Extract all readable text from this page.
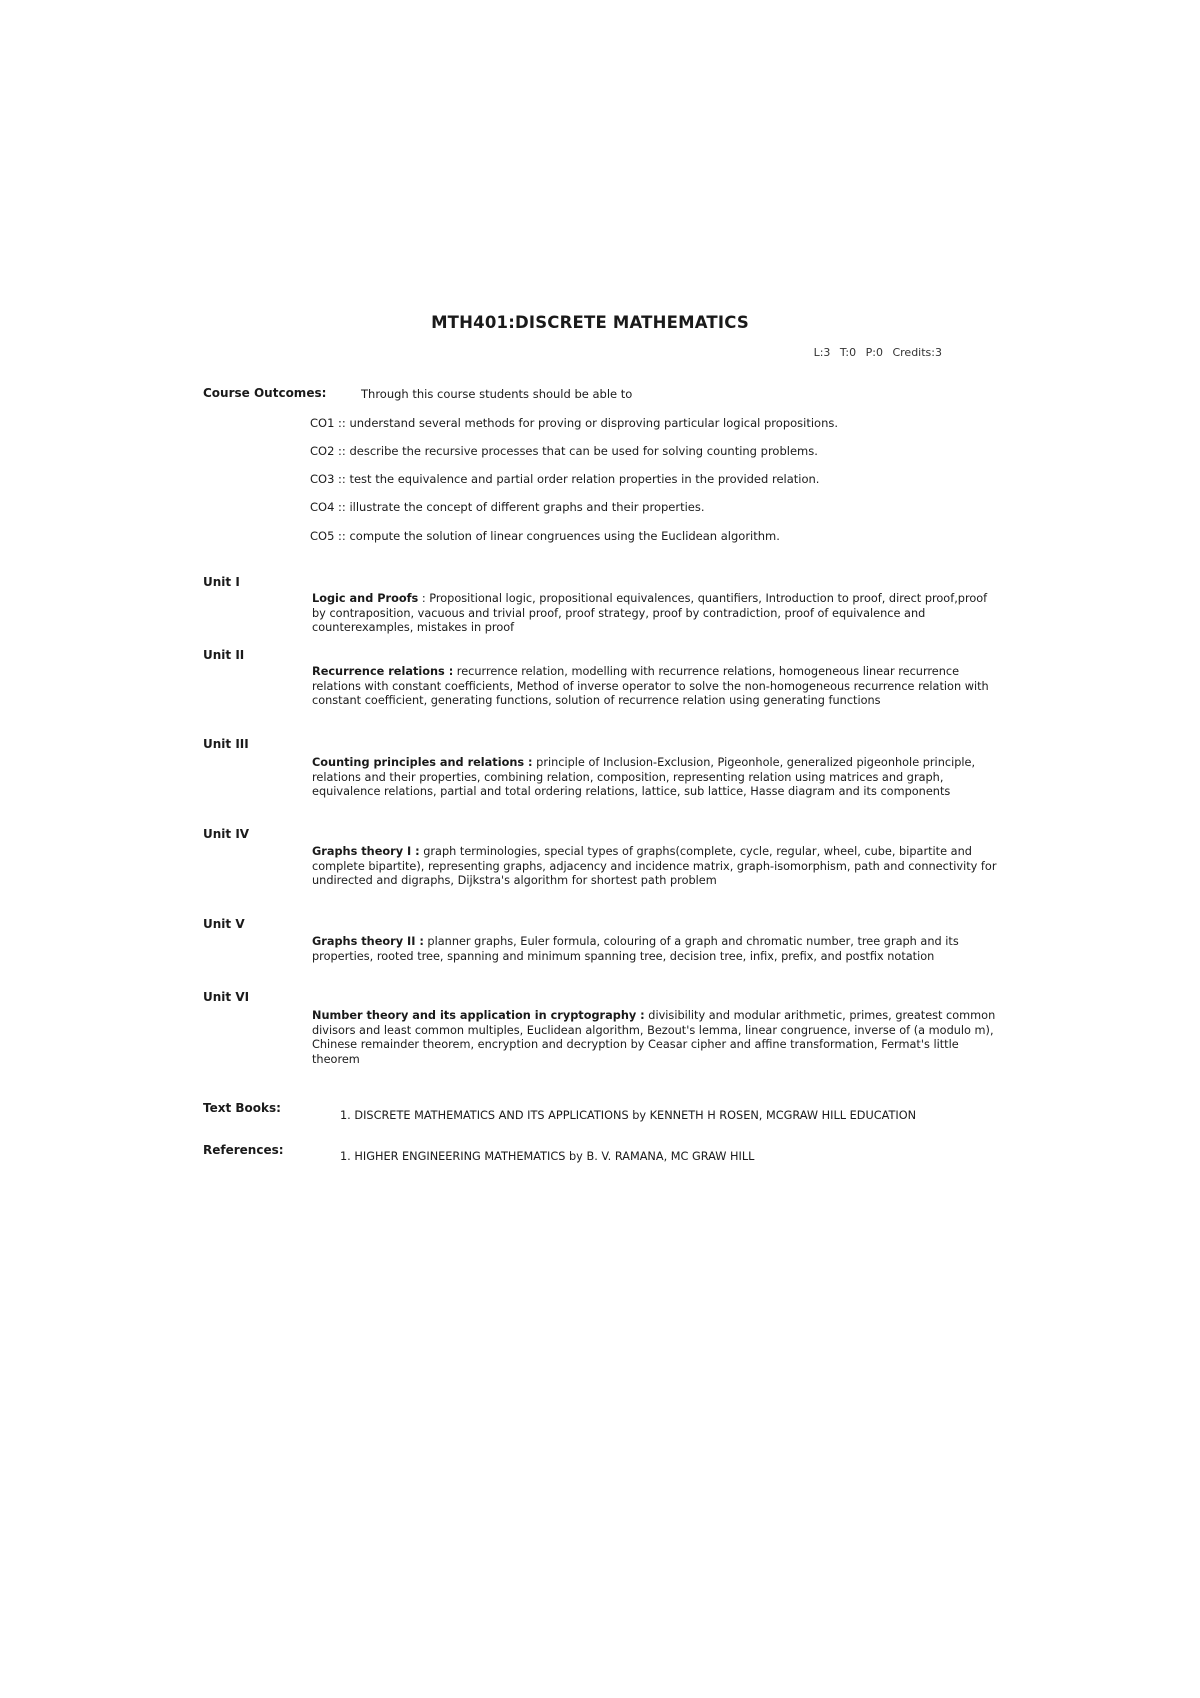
MTH401:DISCRETE MATHEMATICS
L:3 T:0 P:0 Credits:3
Course Outcomes:	Through this course students should be able to
CO1 :: understand several methods for proving or disproving particular logical propositions.
CO2 :: describe the recursive processes that can be used for solving counting problems.
CO3 :: test the equivalence and partial order relation properties in the provided relation.
CO4 :: illustrate the concept of different graphs and their properties.
CO5 :: compute the solution of linear congruences using the Euclidean algorithm.
Unit I
Logic and Proofs : Propositional logic, propositional equivalences, quantifiers, Introduction to proof, direct proof,proof by contraposition, vacuous and trivial proof, proof strategy, proof by contradiction, proof of equivalence and counterexamples, mistakes in proof
Unit II
Recurrence relations : recurrence relation, modelling with recurrence relations, homogeneous linear recurrence relations with constant coefficients, Method of inverse operator to solve the non-homogeneous recurrence relation with constant coefficient, generating functions, solution of recurrence relation using generating functions
Unit III
Counting principles and relations : principle of Inclusion-Exclusion, Pigeonhole, generalized pigeonhole principle, relations and their properties, combining relation, composition, representing relation using matrices and graph, equivalence relations, partial and total ordering relations, lattice, sub lattice, Hasse diagram and its components
Unit IV
Graphs theory I : graph terminologies, special types of graphs(complete, cycle, regular, wheel, cube, bipartite and complete bipartite), representing graphs, adjacency and incidence matrix, graph-isomorphism, path and connectivity for undirected and digraphs, Dijkstra's algorithm for shortest path problem
Unit V
Graphs theory II : planner graphs, Euler formula, colouring of a graph and chromatic number, tree graph and its properties, rooted tree, spanning and minimum spanning tree, decision tree, infix, prefix, and postfix notation
Unit VI
Number theory and its application in cryptography : divisibility and modular arithmetic, primes, greatest common divisors and least common multiples, Euclidean algorithm, Bezout's lemma, linear congruence, inverse of (a modulo m), Chinese remainder theorem, encryption and decryption by Ceasar cipher and affine transformation, Fermat's little theorem
Text Books:
1. DISCRETE MATHEMATICS AND ITS APPLICATIONS by KENNETH H ROSEN, MCGRAW HILL EDUCATION
References:	1. HIGHER ENGINEERING MATHEMATICS by B. V. RAMANA, MC GRAW HILL
